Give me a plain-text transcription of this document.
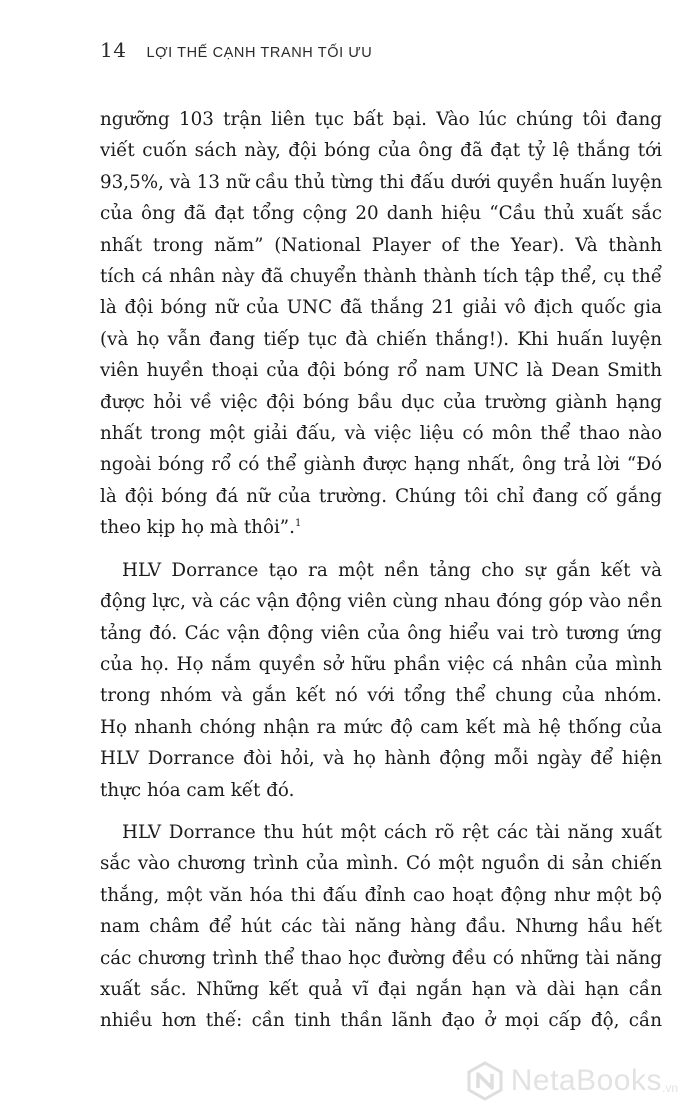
14 LỢI THẾ CẠNH TRANH TỐI ƯU
ngưỡng 103 trận liên tục bất bại. Vào lúc chúng tôi đang
viết cuốn sách này, đội bóng của ông đã đạt tỷ lệ thắng tới
93,5%, và 13 nữ cầu thủ từng thi đấu dưới quyền huấn luyện
của ông đã đạt tổng cộng 20 danh hiệu “Cầu thủ xuất sắc
nhất trong năm” (National Player of the Year). Và thành
tích cá nhân này đã chuyển thành thành tích tập thể, cụ thể
là đội bóng nữ của UNC đã thắng 21 giải vô địch quốc gia
(và họ vẫn đang tiếp tục đà chiến thắng!). Khi huấn luyện
viên huyền thoại của đội bóng rổ nam UNC là Dean Smith
được hỏi về việc đội bóng bầu dục của trường giành hạng
nhất trong một giải đấu, và việc liệu có môn thể thao nào
ngoài bóng rổ có thể giành được hạng nhất, ông trả lời “Đó
là đội bóng đá nữ của trường. Chúng tôi chỉ đang cố gắng
theo kịp họ mà thôi”.$^1$
HLV Dorrance tạo ra một nền tảng cho sự gắn kết và
động lực, và các vận động viên cùng nhau đóng góp vào nền
tảng đó. Các vận động viên của ông hiểu vai trò tương ứng
của họ. Họ nắm quyền sở hữu phần việc cá nhân của mình
trong nhóm và gắn kết nó với tổng thể chung của nhóm.
Họ nhanh chóng nhận ra mức độ cam kết mà hệ thống của
HLV Dorrance đòi hỏi, và họ hành động mỗi ngày để hiện
thực hóa cam kết đó.
HLV Dorrance thu hút một cách rõ rệt các tài năng xuất
sắc vào chương trình của mình. Có một nguồn di sản chiến
thắng, một văn hóa thi đấu đỉnh cao hoạt động như một bộ
nam châm để hút các tài năng hàng đầu. Nhưng hầu hết
các chương trình thể thao học đường đều có những tài năng
xuất sắc. Những kết quả vĩ đại ngắn hạn và dài hạn cần
nhiều hơn thế: cần tinh thần lãnh đạo ở mọi cấp độ, cần
NetaBooks .vn
